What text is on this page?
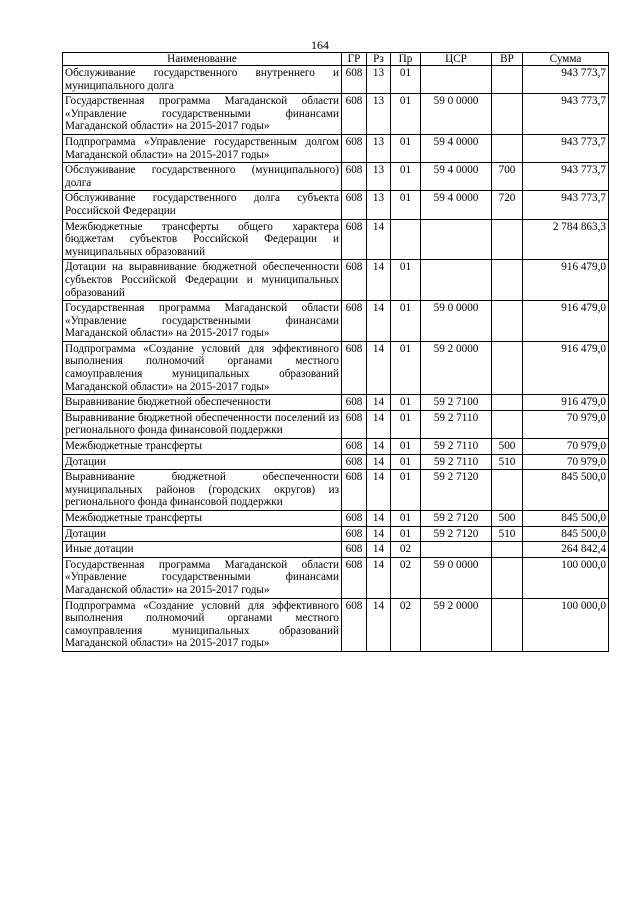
164
Наименование	ГР	Рз	Пр	ЦСР	ВР	Сумма
Обслуживание государственного внутреннего и муниципального долга	608	13	01			943 773,7
Государственная программа Магаданской области «Управление государственными финансами Магаданской области» на 2015-2017 годы»	608	13	01	59 0 0000		943 773,7
Подпрограмма «Управление государственным долгом Магаданской области» на 2015-2017 годы»	608	13	01	59 4 0000		943 773,7
Обслуживание государственного (муниципального) долга	608	13	01	59 4 0000	700	943 773,7
Обслуживание государственного долга субъекта Российской Федерации	608	13	01	59 4 0000	720	943 773,7
Межбюджетные трансферты общего характера бюджетам субъектов Российской Федерации и муниципальных образований	608	14				2 784 863,3
Дотации на выравнивание бюджетной обеспеченности субъектов Российской Федерации и муниципальных образований	608	14	01			916 479,0
Государственная программа Магаданской области «Управление государственными финансами Магаданской области» на 2015-2017 годы»	608	14	01	59 0 0000		916 479,0
Подпрограмма «Создание условий для эффективного выполнения полномочий органами местного самоуправления муниципальных образований Магаданской области» на 2015-2017 годы»	608	14	01	59 2 0000		916 479,0
Выравнивание бюджетной обеспеченности	608	14	01	59 2 7100		916 479,0
Выравнивание бюджетной обеспеченности поселений из регионального фонда финансовой поддержки	608	14	01	59 2 7110		70 979,0
Межбюджетные трансферты	608	14	01	59 2 7110	500	70 979,0
Дотации	608	14	01	59 2 7110	510	70 979,0
Выравнивание бюджетной обеспеченности муниципальных районов (городских округов) из регионального фонда финансовой поддержки	608	14	01	59 2 7120		845 500,0
Межбюджетные трансферты	608	14	01	59 2 7120	500	845 500,0
Дотации	608	14	01	59 2 7120	510	845 500,0
Иные дотации	608	14	02			264 842,4
Государственная программа Магаданской области «Управление государственными финансами Магаданской области» на 2015-2017 годы»	608	14	02	59 0 0000		100 000,0
Подпрограмма «Создание условий для эффективного выполнения полномочий органами местного самоуправления муниципальных образований Магаданской области» на 2015-2017 годы»	608	14	02	59 2 0000		100 000,0
